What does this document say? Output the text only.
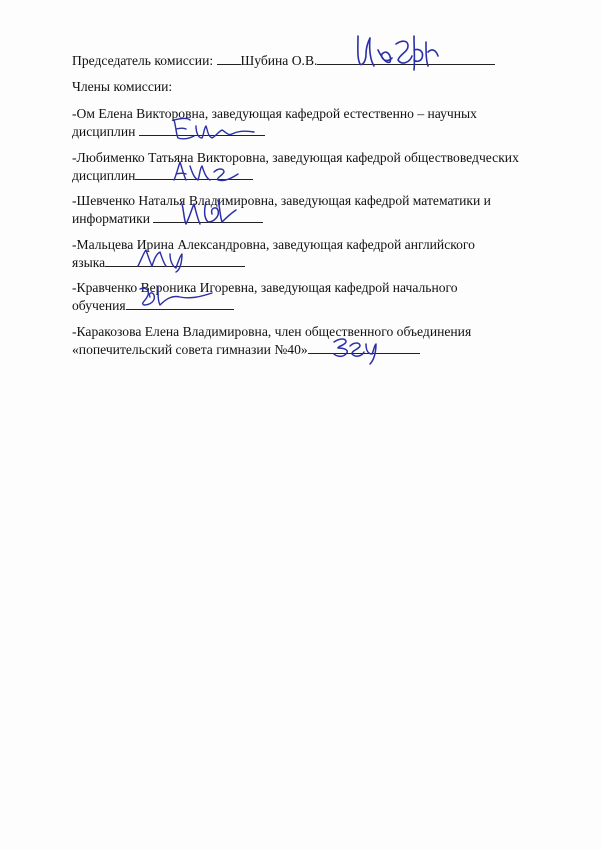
Председатель комиссии: Шубина О.В.
Члены комиссии:
-Ом Елена Викторовна, заведующая кафедрой естественно – научных
дисциплин
-Любименко Татьяна Викторовна, заведующая кафедрой обществоведческих
дисциплин
-Шевченко Наталья Владимировна, заведующая кафедрой математики и
информатики
-Мальцева Ирина Александровна, заведующая кафедрой английского
языка
-Кравченко Вероника Игоревна, заведующая кафедрой начального
обучения
-Каракозова Елена Владимировна, член общественного объединения
«попечительский совета гимназии №40»
